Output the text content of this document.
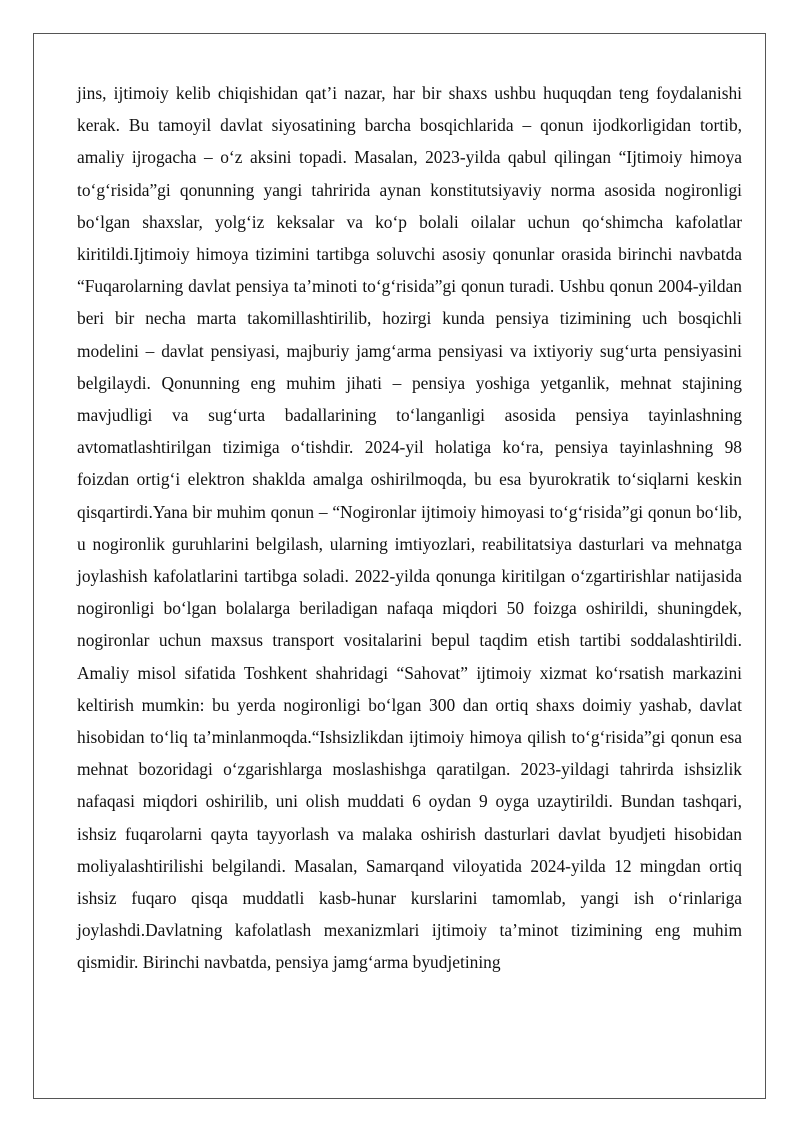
jins, ijtimoiy kelib chiqishidan qat’i nazar, har bir shaxs ushbu huquqdan teng foydalanishi kerak. Bu tamoyil davlat siyosatining barcha bosqichlarida – qonun ijodkorligidan tortib, amaliy ijrogacha – o‘z aksini topadi. Masalan, 2023-yilda qabul qilingan “Ijtimoiy himoya to‘g‘risida”gi qonunning yangi tahririda aynan konstitutsiyaviy norma asosida nogironligi bo‘lgan shaxslar, yolg‘iz keksalar va ko‘p bolali oilalar uchun qo‘shimcha kafolatlar kiritildi.Ijtimoiy himoya tizimini tartibga soluvchi asosiy qonunlar orasida birinchi navbatda “Fuqarolarning davlat pensiya ta’minoti to‘g‘risida”gi qonun turadi. Ushbu qonun 2004-yildan beri bir necha marta takomillashtirilib, hozirgi kunda pensiya tizimining uch bosqichli modelini – davlat pensiyasi, majburiy jamg‘arma pensiyasi va ixtiyoriy sug‘urta pensiyasini belgilaydi. Qonunning eng muhim jihati – pensiya yoshiga yetganlik, mehnat stajining mavjudligi va sug‘urta badallarining to‘langanligi asosida pensiya tayinlashning avtomatlashtirilgan tizimiga o‘tishdir. 2024-yil holatiga ko‘ra, pensiya tayinlashning 98 foizdan ortig‘i elektron shaklda amalga oshirilmoqda, bu esa byurokratik to‘siqlarni keskin qisqartirdi.Yana bir muhim qonun – “Nogironlar ijtimoiy himoyasi to‘g‘risida”gi qonun bo‘lib, u nogironlik guruhlarini belgilash, ularning imtiyozlari, reabilitatsiya dasturlari va mehnatga joylashish kafolatlarini tartibga soladi. 2022-yilda qonunga kiritilgan o‘zgartirishlar natijasida nogironligi bo‘lgan bolalarga beriladigan nafaqa miqdori 50 foizga oshirildi, shuningdek, nogironlar uchun maxsus transport vositalarini bepul taqdim etish tartibi soddalashtirildi. Amaliy misol sifatida Toshkent shahridagi “Sahovat” ijtimoiy xizmat ko‘rsatish markazini keltirish mumkin: bu yerda nogironligi bo‘lgan 300 dan ortiq shaxs doimiy yashab, davlat hisobidan to‘liq ta’minlanmoqda.“Ishsizlikdan ijtimoiy himoya qilish to‘g‘risida”gi qonun esa mehnat bozoridagi o‘zgarishlarga moslashishga qaratilgan. 2023-yildagi tahrirda ishsizlik nafaqasi miqdori oshirilib, uni olish muddati 6 oydan 9 oyga uzaytirildi. Bundan tashqari, ishsiz fuqarolarni qayta tayyorlash va malaka oshirish dasturlari davlat byudjeti hisobidan moliyalashtirilishi belgilandi. Masalan, Samarqand viloyatida 2024-yilda 12 mingdan ortiq ishsiz fuqaro qisqa muddatli kasb-hunar kurslarini tamomlab, yangi ish o‘rinlariga joylashdi.Davlatning kafolatlash mexanizmlari ijtimoiy ta’minot tizimining eng muhim qismidir. Birinchi navbatda, pensiya jamg‘arma byudjetining
